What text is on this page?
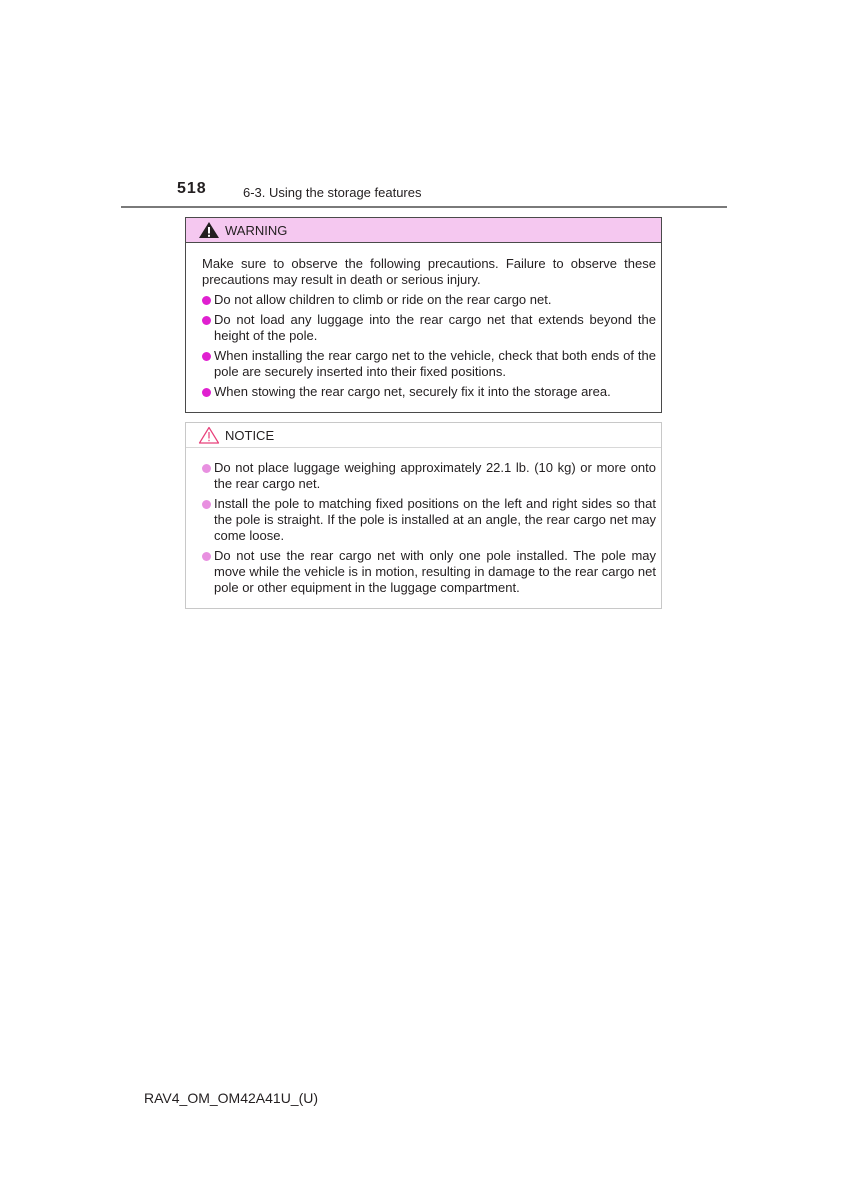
518	6-3. Using the storage features
WARNING

Make sure to observe the following precautions. Failure to observe these precautions may result in death or serious injury.

Do not allow children to climb or ride on the rear cargo net.
Do not load any luggage into the rear cargo net that extends beyond the height of the pole.
When installing the rear cargo net to the vehicle, check that both ends of the pole are securely inserted into their fixed positions.
When stowing the rear cargo net, securely fix it into the storage area.
NOTICE
Do not place luggage weighing approximately 22.1 lb. (10 kg) or more onto the rear cargo net.
Install the pole to matching fixed positions on the left and right sides so that the pole is straight. If the pole is installed at an angle, the rear cargo net may come loose.
Do not use the rear cargo net with only one pole installed. The pole may move while the vehicle is in motion, resulting in damage to the rear cargo net pole or other equipment in the luggage compartment.
RAV4_OM_OM42A41U_(U)
